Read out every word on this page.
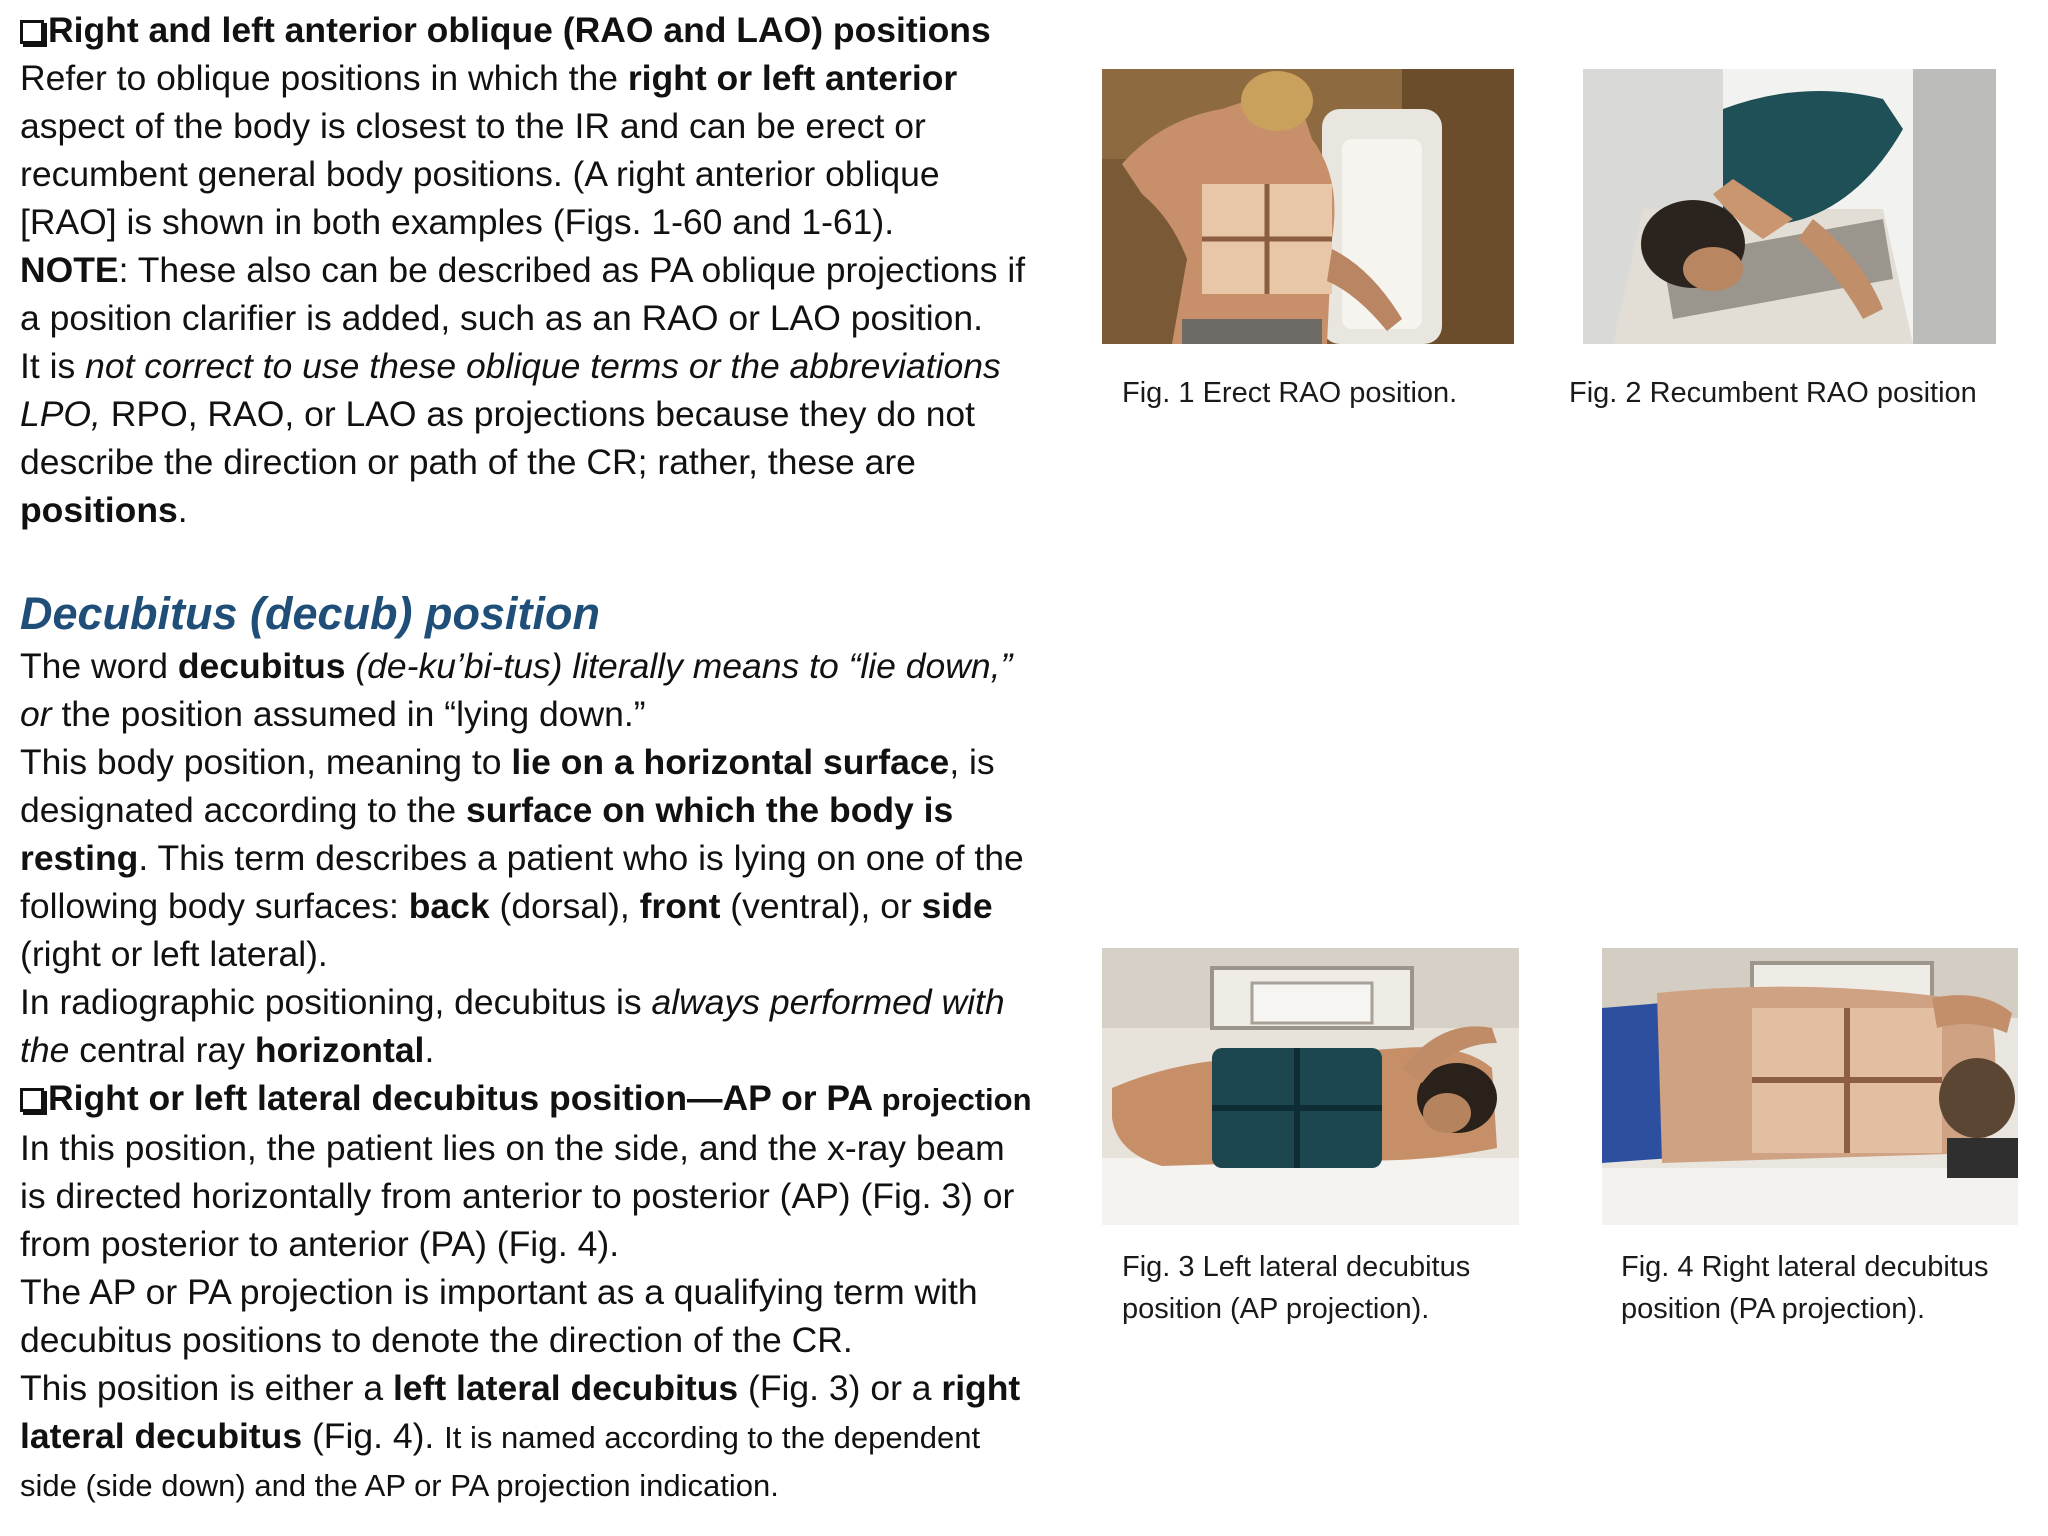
Right and left anterior oblique (RAO and LAO) positions

Refer to oblique positions in which the right or left anterior

aspect of the body is closest to the IR and can be erect or

recumbent general body positions. (A right anterior oblique

[RAO] is shown in both examples (Figs. 1-60 and 1-61).

NOTE: These also can be described as PA oblique projections if

a position clarifier is added, such as an RAO or LAO position.

It is not correct to use these oblique terms or the abbreviations

LPO, RPO, RAO, or LAO as projections because they do not

describe the direction or path of the CR; rather, these are

positions.

Decubitus (decub) position

The word decubitus (de-ku’bi-tus) literally means to “lie down,”

or the position assumed in “lying down.”

This body position, meaning to lie on a horizontal surface, is

designated according to the surface on which the body is

resting. This term describes a patient who is lying on one of the

following body surfaces: back (dorsal), front (ventral), or side

(right or left lateral).

In radiographic positioning, decubitus is always performed with

the central ray horizontal.

Right or left lateral decubitus position—AP or PA projection

In this position, the patient lies on the side, and the x-ray beam

is directed horizontally from anterior to posterior (AP) (Fig. 3) or

from posterior to anterior (PA) (Fig. 4).

The AP or PA projection is important as a qualifying term with

decubitus positions to denote the direction of the CR.

This position is either a left lateral decubitus (Fig. 3) or a right

lateral decubitus (Fig. 4). It is named according to the dependent

side (side down) and the AP or PA projection indication.

Fig. 1 Erect RAO position.	Fig. 2 Recumbent RAO position
Fig. 3 Left lateral decubitus
position (AP projection).
Fig. 4 Right lateral decubitus
position (PA projection).
